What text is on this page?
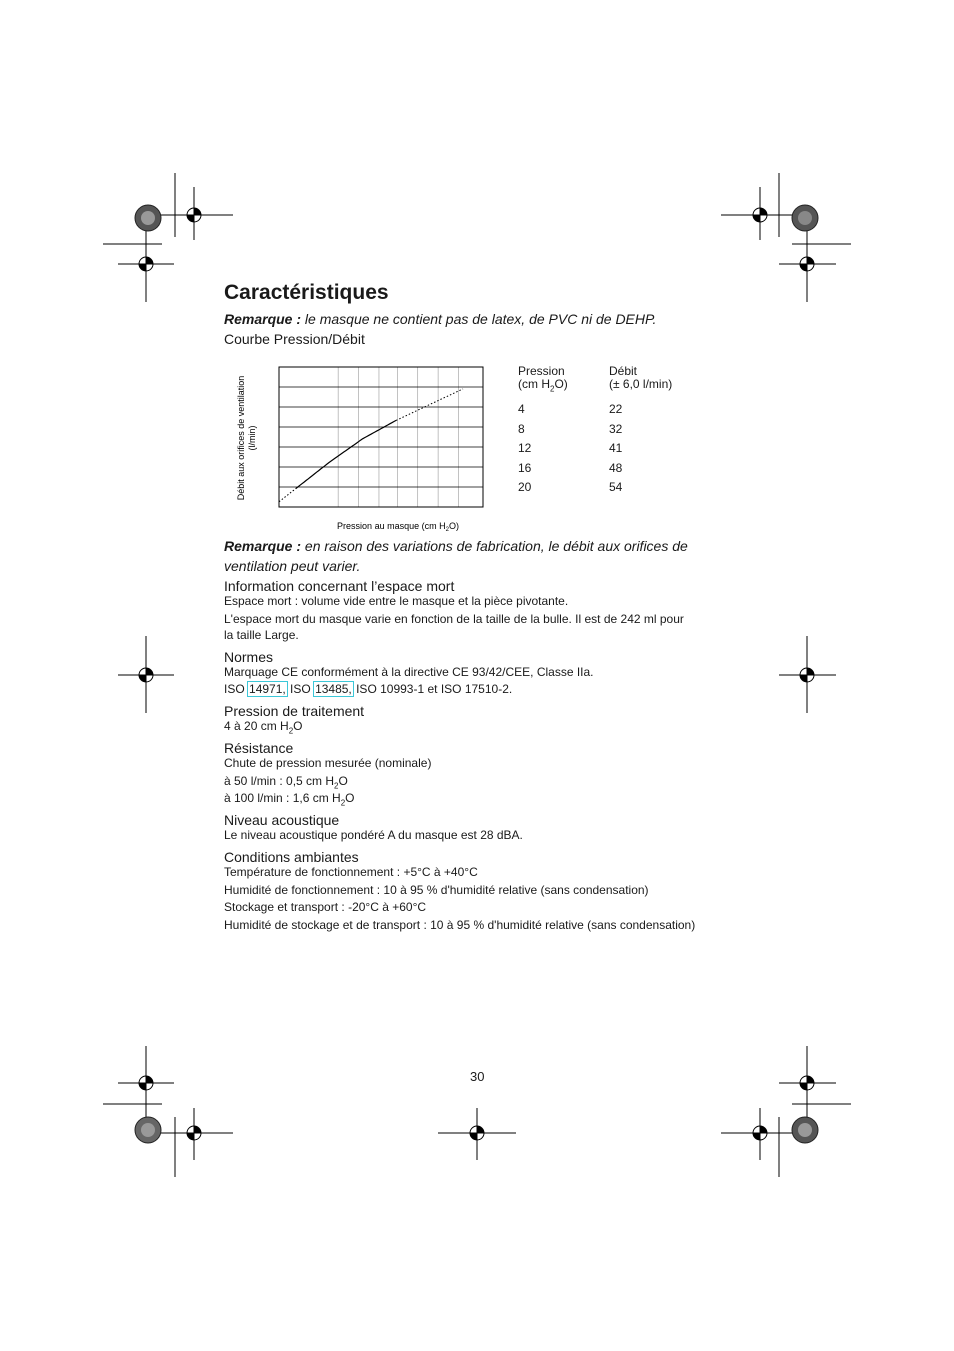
Caractéristiques
Remarque : le masque ne contient pas de latex, de PVC ni de DEHP.
Courbe Pression/Débit
Débit aux orifices de ventilation (l/min)
Pression au masque (cm $H_2O$)
Pression
(cm $H_2O$)
Débit
(± 6,0 l/min)
4	22
8	32
12	41
16	48
20	54
Remarque : en raison des variations de fabrication, le débit aux orifices de
ventilation peut varier.
Information concernant l’espace mort
Espace mort : volume vide entre le masque et la pièce pivotante.
L'espace mort du masque varie en fonction de la taille de la bulle. Il est de 242 ml pour
la taille Large.
Normes
Marquage CE conformément à la directive CE 93/42/CEE, Classe IIa.
ISO 14971, ISO 13485, ISO 10993-1 et ISO 17510-2.
Pression de traitement
4 à 20 cm $H_2O$
Résistance
Chute de pression mesurée (nominale)
à 50 l/min : 0,5 cm $H_2O$
à 100 l/min : 1,6 cm $H_2O$
Niveau acoustique
Le niveau acoustique pondéré A du masque est 28 dBA.
Conditions ambiantes
Température de fonctionnement : +5°C à +40°C
Humidité de fonctionnement : 10 à 95 % d'humidité relative (sans condensation)
Stockage et transport : -20°C à +60°C
Humidité de stockage et de transport : 10 à 95 % d'humidité relative (sans condensation)
30
